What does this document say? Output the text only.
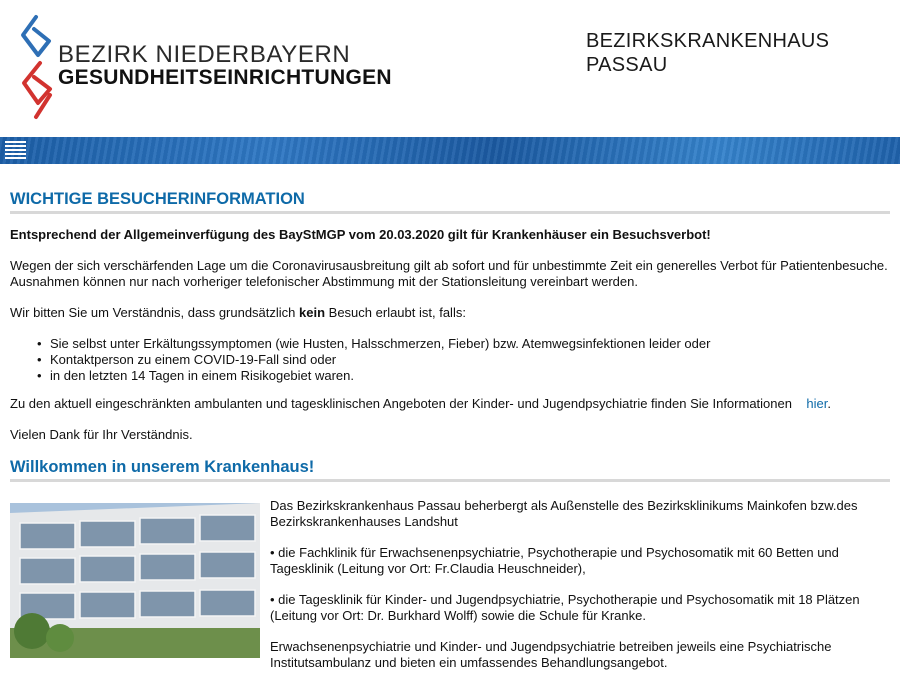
BEZIRK NIEDERBAYERN
GESUNDHEITSEINRICHTUNGEN
BEZIRKSKRANKENHAUS
PASSAU
WICHTIGE BESUCHERINFORMATION

Entsprechend der Allgemeinverfügung des BayStMGP vom 20.03.2020 gilt für Krankenhäuser ein Besuchsverbot!

Wegen der sich verschärfenden Lage um die Coronavirusausbreitung gilt ab sofort und für unbestimmte Zeit ein generelles Verbot für Patientenbesuche.
Ausnahmen können nur nach vorheriger telefonischer Abstimmung mit der Stationsleitung vereinbart werden.

Wir bitten Sie um Verständnis, dass grundsätzlich kein Besuch erlaubt ist, falls:

• Sie selbst unter Erkältungssymptomen (wie Husten, Halsschmerzen, Fieber) bzw. Atemwegsinfektionen leider oder
• Kontaktperson zu einem COVID-19-Fall sind oder
• in den letzten 14 Tagen in einem Risikogebiet waren.

Zu den aktuell eingeschränkten ambulanten und tagesklinischen Angeboten der Kinder- und Jugendpsychiatrie finden Sie Informationen hier.

Vielen Dank für Ihr Verständnis.

Willkommen in unserem Krankenhaus!

Das Bezirkskrankenhaus Passau beherbergt als Außenstelle des Bezirksklinikums Mainkofen bzw.des Bezirkskrankenhauses Landshut

• die Fachklinik für Erwachsenenpsychiatrie, Psychotherapie und Psychosomatik mit 60 Betten und Tagesklinik (Leitung vor Ort: Fr.Claudia Heuschneider),

• die Tagesklinik für Kinder- und Jugendpsychiatrie, Psychotherapie und Psychosomatik mit 18 Plätzen (Leitung vor Ort: Dr. Burkhard Wolff) sowie die Schule für Kranke.

Erwachsenenpsychiatrie und Kinder- und Jugendpsychiatrie betreiben jeweils eine Psychiatrische Institutsambulanz und bieten ein umfassendes Behandlungsangebot.
